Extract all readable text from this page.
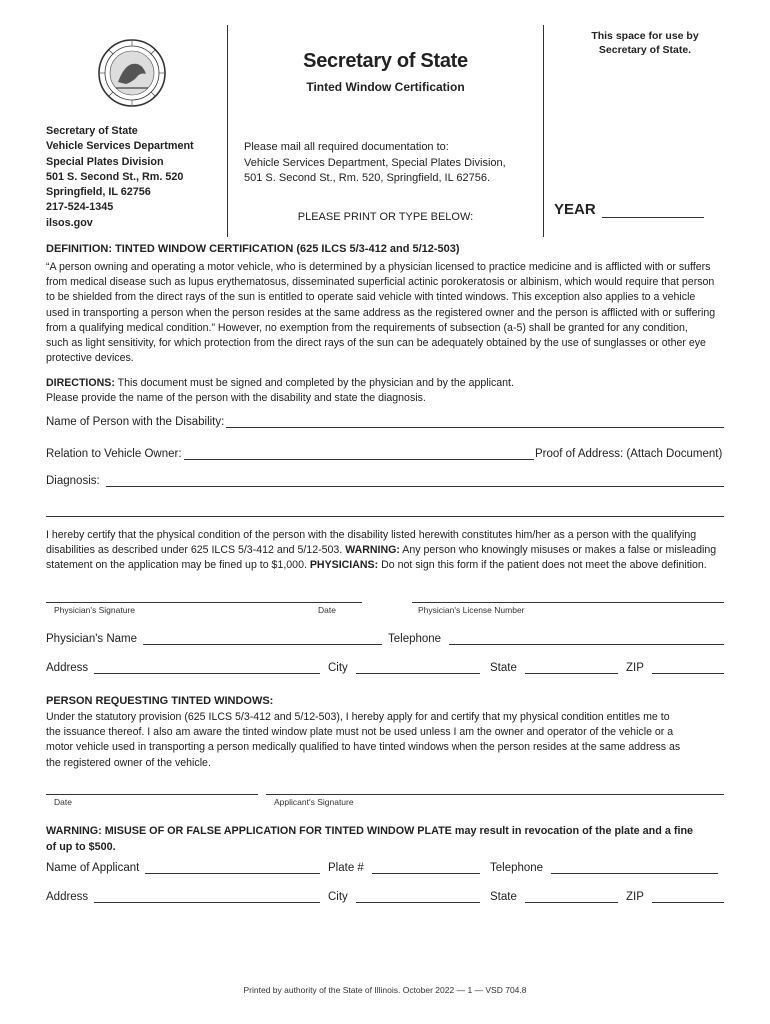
Secretary of State
Tinted Window Certification
This space for use by
Secretary of State.
Secretary of State
Vehicle Services Department
Special Plates Division
501 S. Second St., Rm. 520
Springfield, IL 62756
217-524-1345
ilsos.gov
Please mail all required documentation to:
Vehicle Services Department, Special Plates Division,
501 S. Second St., Rm. 520, Springfield, IL 62756.
PLEASE PRINT OR TYPE BELOW:	YEAR
DEFINITION: TINTED WINDOW CERTIFICATION (625 ILCS 5/3-412 and 5/12-503)
“A person owning and operating a motor vehicle, who is determined by a physician licensed to practice medicine and is afflicted with or suffers
from medical disease such as lupus erythematosus, disseminated superficial actinic porokeratosis or albinism, which would require that person
to be shielded from the direct rays of the sun is entitled to operate said vehicle with tinted windows. This exception also applies to a vehicle
used in transporting a person when the person resides at the same address as the registered owner and the person is afflicted with or suffering
from a qualifying medical condition.” However, no exemption from the requirements of subsection (a-5) shall be granted for any condition,
such as light sensitivity, for which protection from the direct rays of the sun can be adequately obtained by the use of sunglasses or other eye
protective devices.
DIRECTIONS: This document must be signed and completed by the physician and by the applicant.
Please provide the name of the person with the disability and state the diagnosis.
Name of Person with the Disability:
Relation to Vehicle Owner:	Proof of Address: (Attach Document)
Diagnosis:
I hereby certify that the physical condition of the person with the disability listed herewith constitutes him/her as a person with the qualifying
disabilities as described under 625 ILCS 5/3-412 and 5/12-503. WARNING: Any person who knowingly misuses or makes a false or misleading
statement on the application may be fined up to $1,000. PHYSICIANS: Do not sign this form if the patient does not meet the above definition.
Physician's Signature	Date	Physician's License Number
Physician's Name	Telephone
Address	City	State	ZIP
PERSON REQUESTING TINTED WINDOWS:
Under the statutory provision (625 ILCS 5/3-412 and 5/12-503), I hereby apply for and certify that my physical condition entitles me to
the issuance thereof. I also am aware the tinted window plate must not be used unless I am the owner and operator of the vehicle or a
motor vehicle used in transporting a person medically qualified to have tinted windows when the person resides at the same address as
the registered owner of the vehicle.
Date	Applicant's Signature
WARNING: MISUSE OF OR FALSE APPLICATION FOR TINTED WINDOW PLATE may result in revocation of the plate and a fine
of up to $500.
Name of Applicant	Plate #	Telephone
Address	City	State	ZIP
Printed by authority of the State of Illinois. October 2022 — 1 — VSD 704.8
